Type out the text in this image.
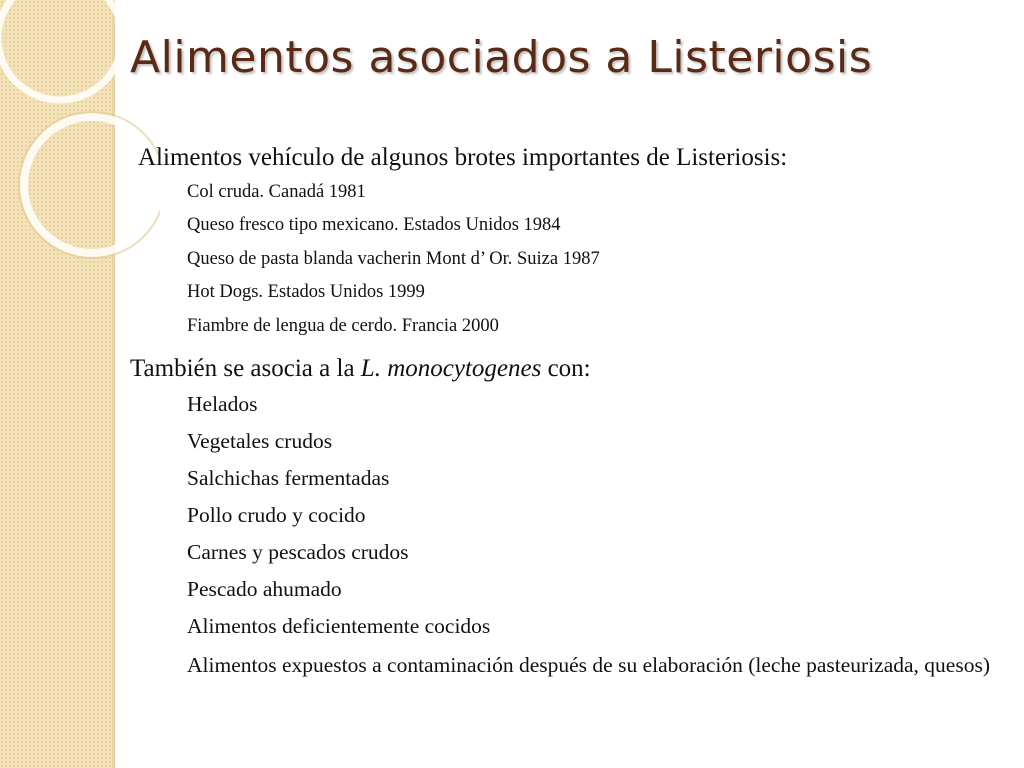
Alimentos asociados a Listeriosis

Alimentos vehículo de algunos brotes importantes de Listeriosis:

Col cruda. Canadá 1981
Queso fresco tipo mexicano. Estados Unidos 1984
Queso de pasta blanda vacherin Mont d’ Or. Suiza 1987
Hot Dogs. Estados Unidos 1999
Fiambre de lengua de cerdo. Francia 2000

También se asocia a la L. monocytogenes con:

Helados
Vegetales crudos
Salchichas fermentadas
Pollo crudo y cocido
Carnes y pescados crudos
Pescado ahumado
Alimentos deficientemente cocidos
Alimentos expuestos a contaminación después de su elaboración (leche pasteurizada, quesos)
